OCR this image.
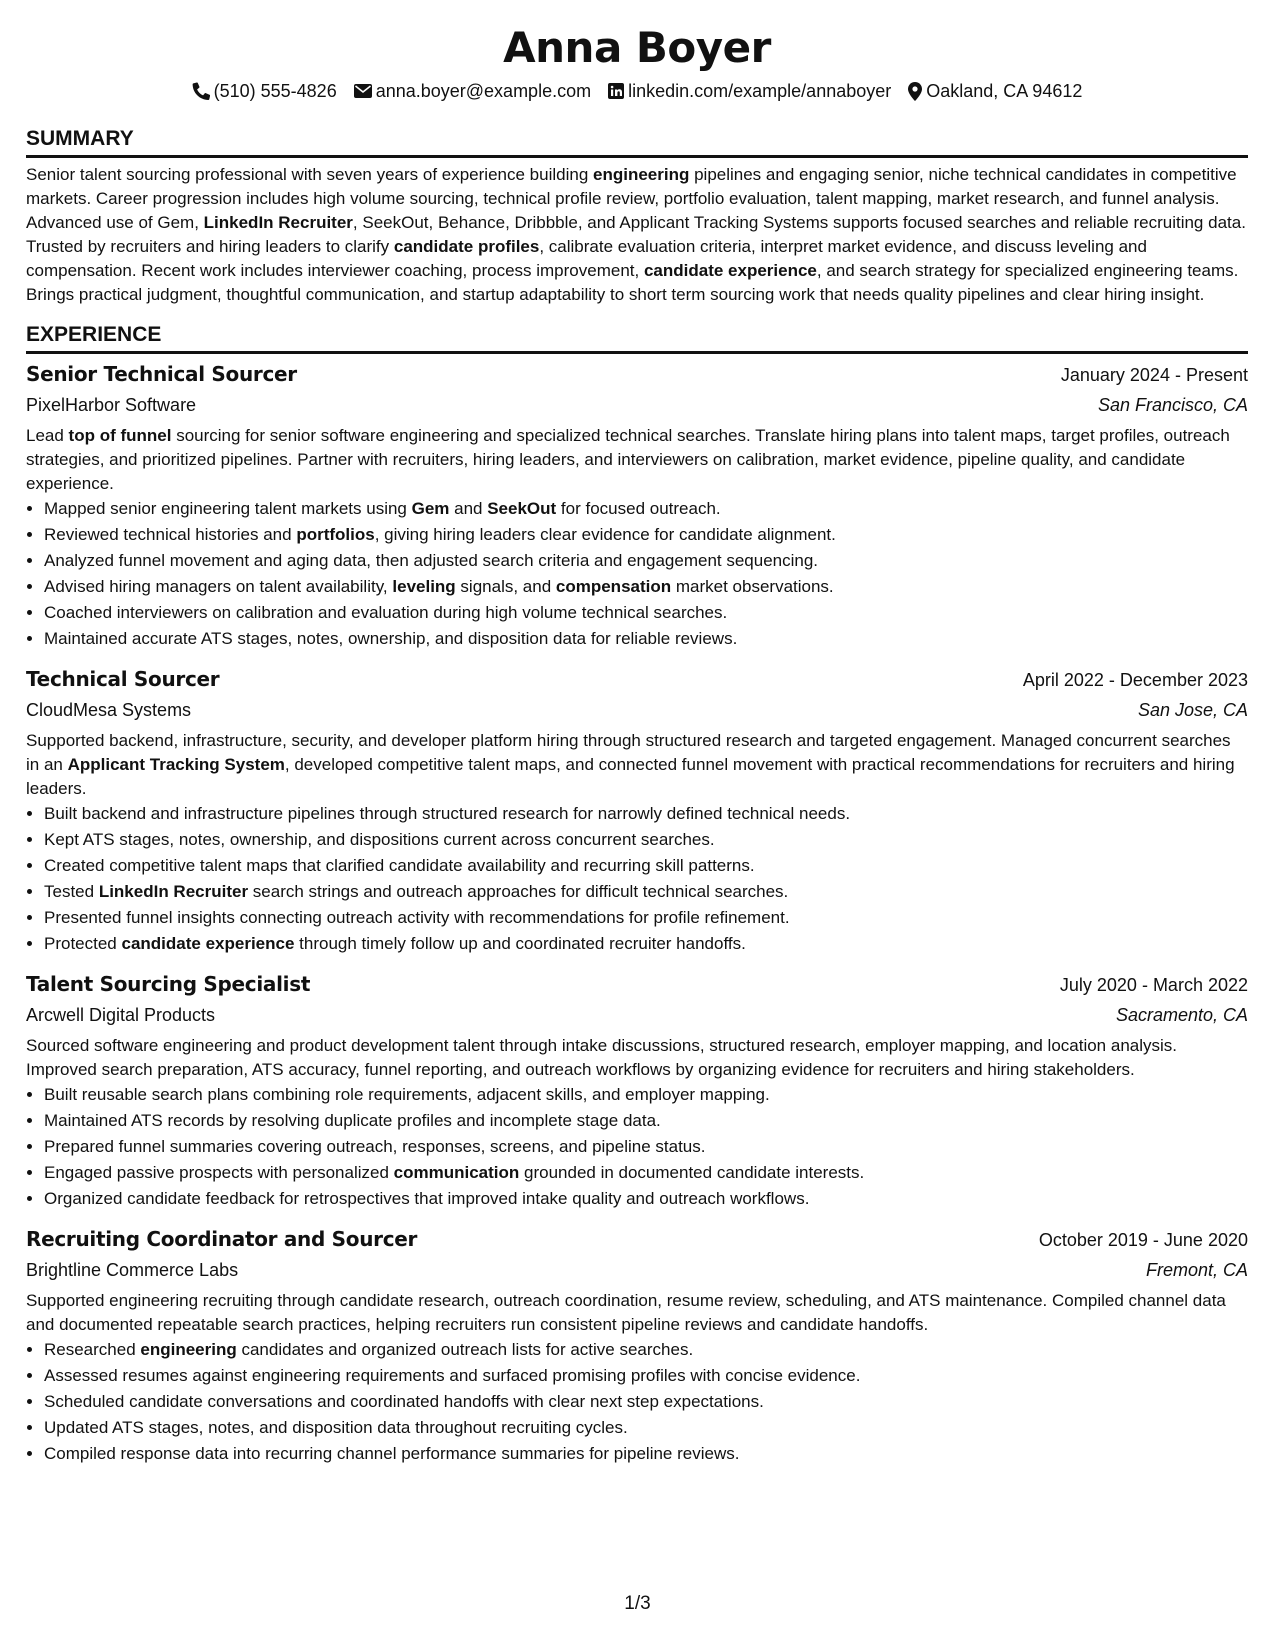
Anna Boyer
(510) 555-4826 anna.boyer@example.com linkedin.com/example/annaboyer Oakland, CA 94612
SUMMARY

Senior talent sourcing professional with seven years of experience building engineering pipelines and engaging senior, niche technical candidates in competitive markets. Career progression includes high volume sourcing, technical profile review, portfolio evaluation, talent mapping, market research, and funnel analysis. Advanced use of Gem, LinkedIn Recruiter, SeekOut, Behance, Dribbble, and Applicant Tracking Systems supports focused searches and reliable recruiting data. Trusted by recruiters and hiring leaders to clarify candidate profiles, calibrate evaluation criteria, interpret market evidence, and discuss leveling and compensation. Recent work includes interviewer coaching, process improvement, candidate experience, and search strategy for specialized engineering teams. Brings practical judgment, thoughtful communication, and startup adaptability to short term sourcing work that needs quality pipelines and clear hiring insight.

EXPERIENCE
Senior Technical Sourcer	January 2024 - Present
PixelHarbor Software	San Francisco, CA

Lead top of funnel sourcing for senior software engineering and specialized technical searches. Translate hiring plans into talent maps, target profiles, outreach strategies, and prioritized pipelines. Partner with recruiters, hiring leaders, and interviewers on calibration, market evidence, pipeline quality, and candidate experience.

• Mapped senior engineering talent markets using Gem and SeekOut for focused outreach.
• Reviewed technical histories and portfolios, giving hiring leaders clear evidence for candidate alignment.
• Analyzed funnel movement and aging data, then adjusted search criteria and engagement sequencing.
• Advised hiring managers on talent availability, leveling signals, and compensation market observations.
• Coached interviewers on calibration and evaluation during high volume technical searches.
• Maintained accurate ATS stages, notes, ownership, and disposition data for reliable reviews.
Technical Sourcer	April 2022 - December 2023
CloudMesa Systems	San Jose, CA

Supported backend, infrastructure, security, and developer platform hiring through structured research and targeted engagement. Managed concurrent searches in an Applicant Tracking System, developed competitive talent maps, and connected funnel movement with practical recommendations for recruiters and hiring leaders.

• Built backend and infrastructure pipelines through structured research for narrowly defined technical needs.
• Kept ATS stages, notes, ownership, and dispositions current across concurrent searches.
• Created competitive talent maps that clarified candidate availability and recurring skill patterns.
• Tested LinkedIn Recruiter search strings and outreach approaches for difficult technical searches.
• Presented funnel insights connecting outreach activity with recommendations for profile refinement.
• Protected candidate experience through timely follow up and coordinated recruiter handoffs.
Talent Sourcing Specialist	July 2020 - March 2022
Arcwell Digital Products	Sacramento, CA

Sourced software engineering and product development talent through intake discussions, structured research, employer mapping, and location analysis. Improved search preparation, ATS accuracy, funnel reporting, and outreach workflows by organizing evidence for recruiters and hiring stakeholders.

• Built reusable search plans combining role requirements, adjacent skills, and employer mapping.
• Maintained ATS records by resolving duplicate profiles and incomplete stage data.
• Prepared funnel summaries covering outreach, responses, screens, and pipeline status.
• Engaged passive prospects with personalized communication grounded in documented candidate interests.
• Organized candidate feedback for retrospectives that improved intake quality and outreach workflows.
Recruiting Coordinator and Sourcer	October 2019 - June 2020
Brightline Commerce Labs	Fremont, CA

Supported engineering recruiting through candidate research, outreach coordination, resume review, scheduling, and ATS maintenance. Compiled channel data and documented repeatable search practices, helping recruiters run consistent pipeline reviews and candidate handoffs.

• Researched engineering candidates and organized outreach lists for active searches.
• Assessed resumes against engineering requirements and surfaced promising profiles with concise evidence.
• Scheduled candidate conversations and coordinated handoffs with clear next step expectations.
• Updated ATS stages, notes, and disposition data throughout recruiting cycles.
• Compiled response data into recurring channel performance summaries for pipeline reviews.
1/3
